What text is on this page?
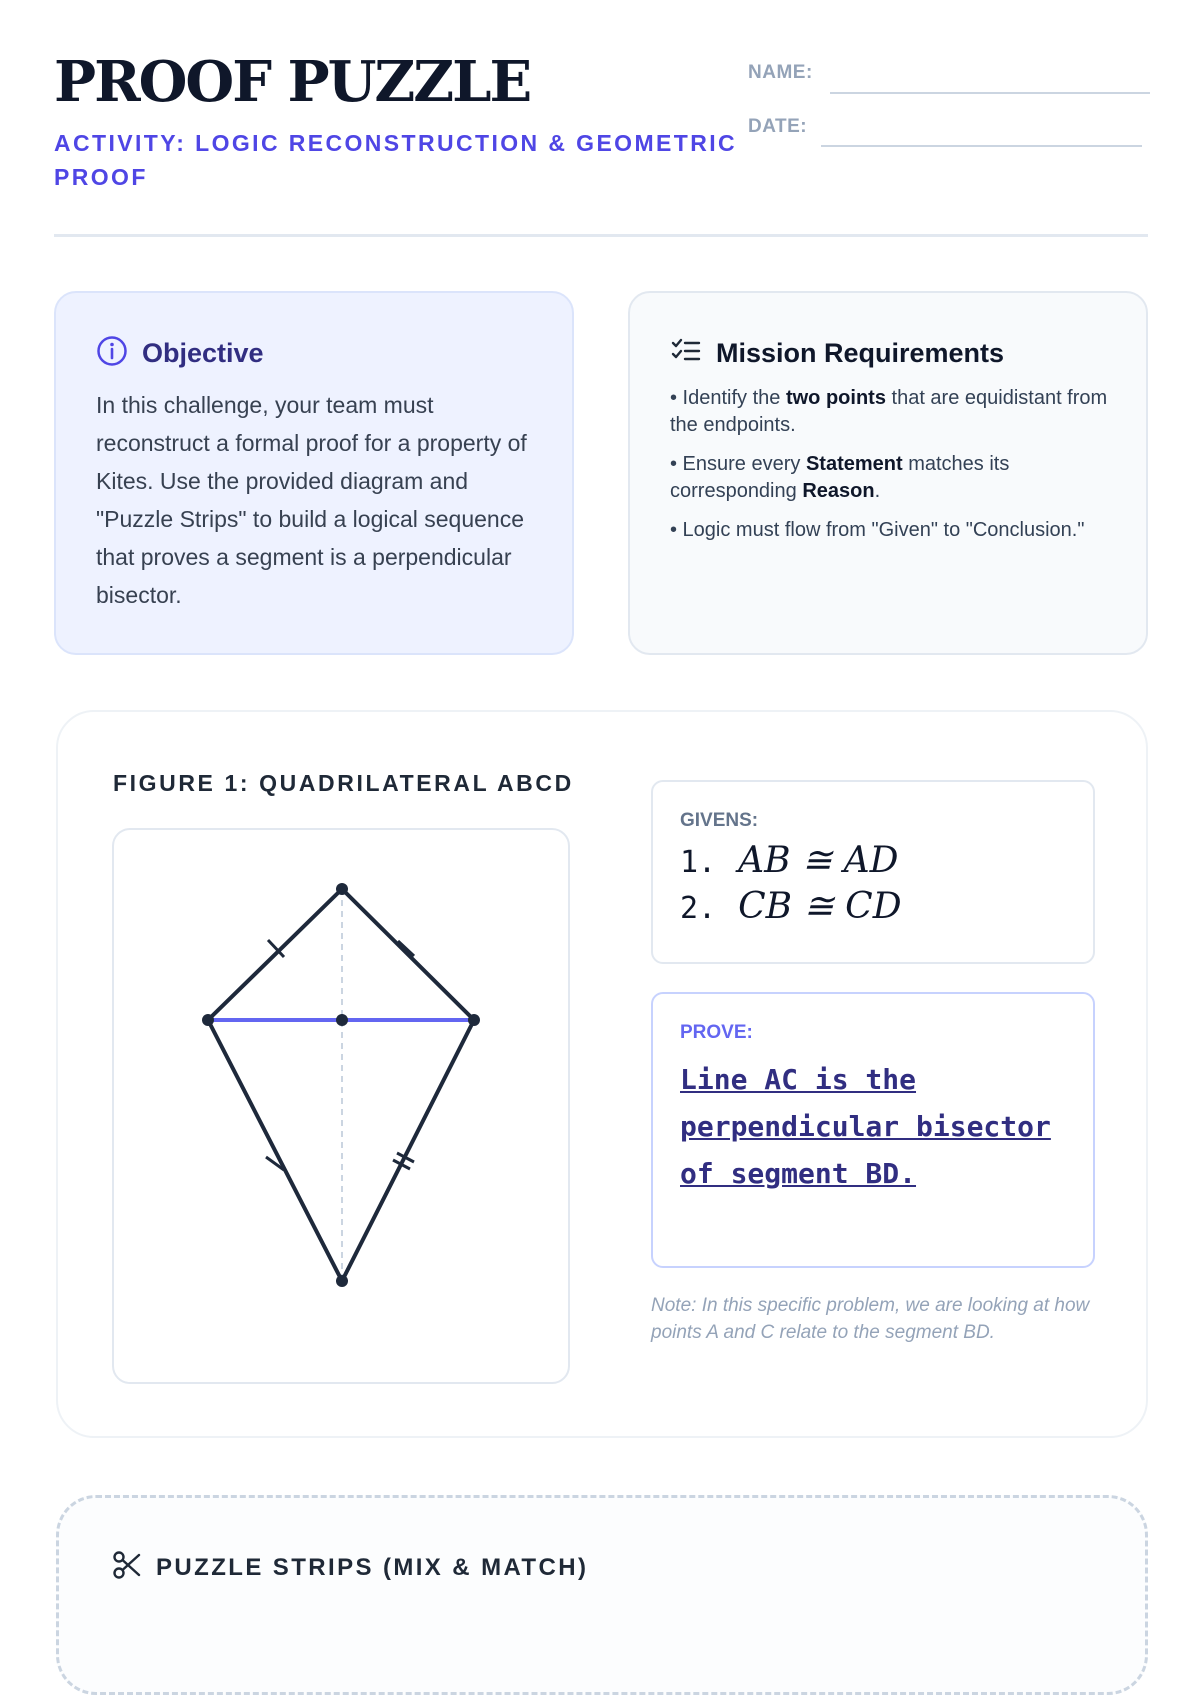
PROOF PUZZLE
ACTIVITY: LOGIC RECONSTRUCTION & GEOMETRIC PROOF
NAME:
DATE:
Objective
In this challenge, your team must reconstruct a formal proof for a property of Kites. Use the provided diagram and "Puzzle Strips" to build a logical sequence that proves a segment is a perpendicular bisector.
Mission Requirements
• Identify the two points that are equidistant from the endpoints.
• Ensure every Statement matches its corresponding Reason.
• Logic must flow from "Given" to "Conclusion."
FIGURE 1: QUADRILATERAL ABCD
GIVENS:
1. AB ≅ AD
2. CB ≅ CD
PROVE:
Line AC is the perpendicular bisector of segment BD.
Note: In this specific problem, we are looking at how points A and C relate to the segment BD.
PUZZLE STRIPS (MIX & MATCH)
